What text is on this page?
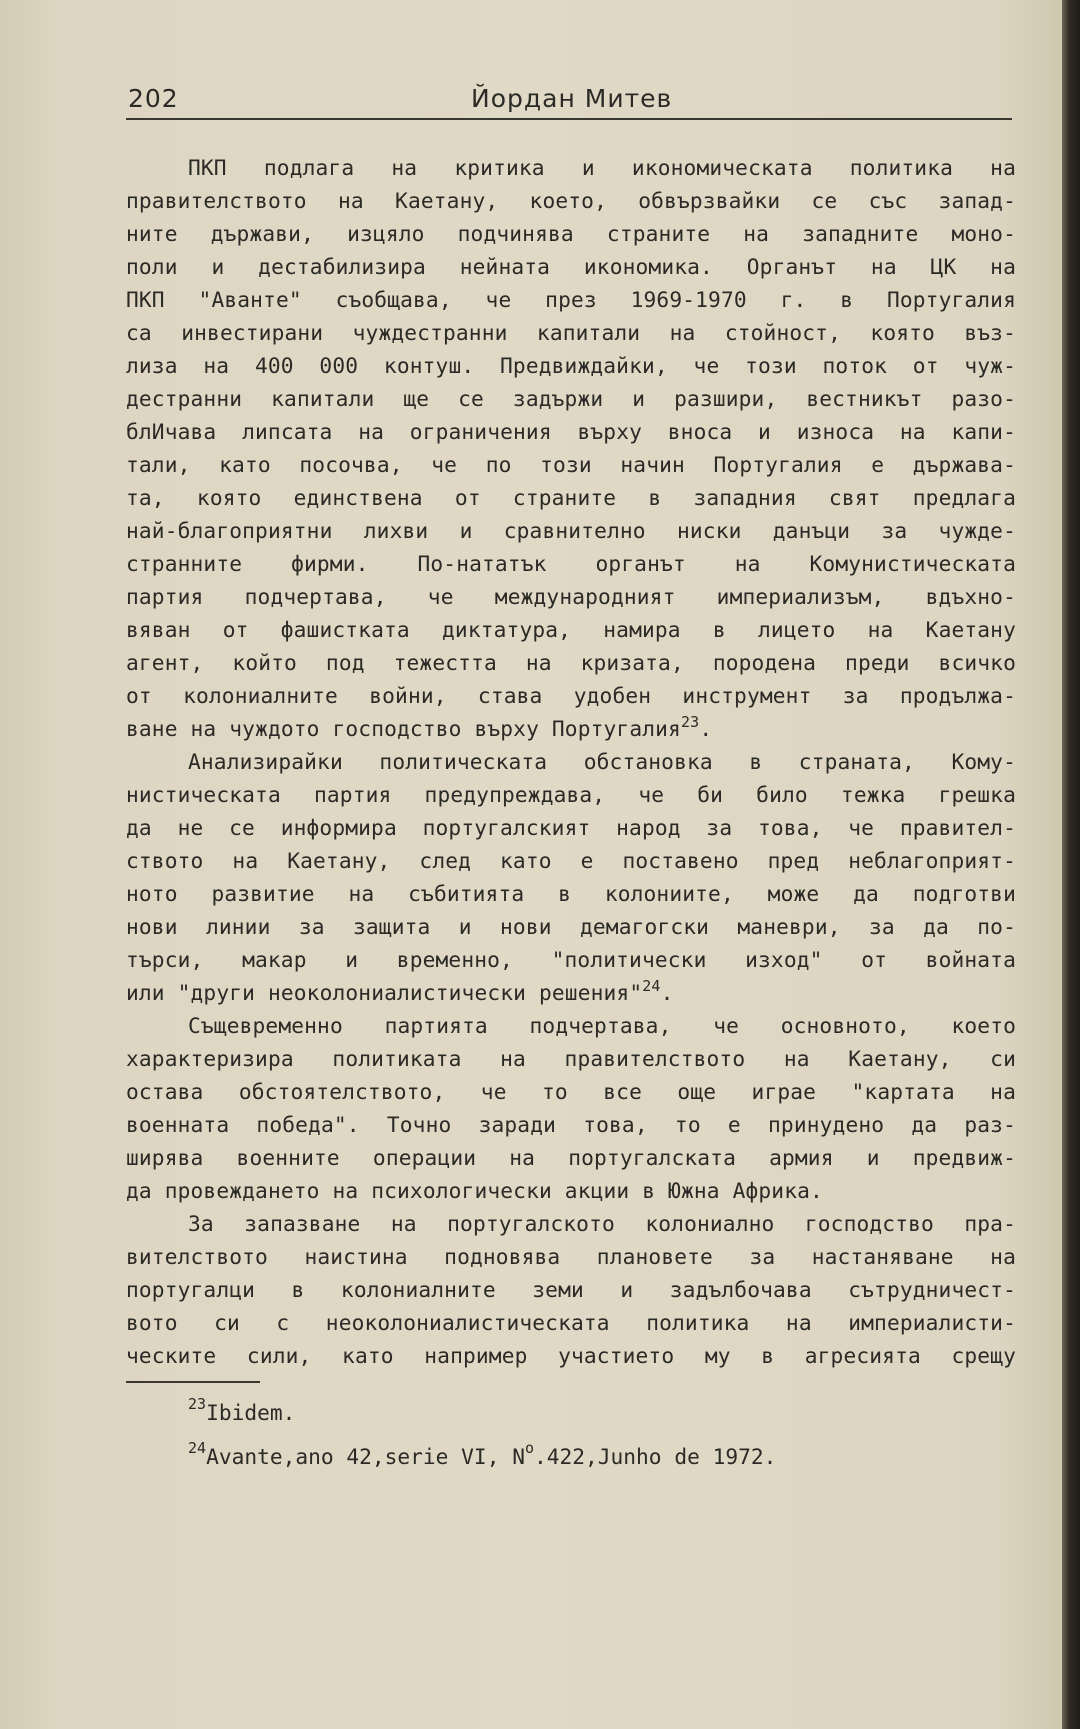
202	Йордан Митев
ПКП подлага на критика и икономическата политика на
правителството на Каетану, което, обвързвайки се със запад-
ните държави, изцяло подчинява страните на западните моно-
поли и дестабилизира нейната икономика. Органът на ЦК на
ПКП "Аванте" съобщава, че през 1969-1970 г. в Португалия
са инвестирани чуждестранни капитали на стойност, която въз-
лиза на 400 000 контуш. Предвиждайки, че този поток от чуж-
дестранни капитали ще се задържи и разшири, вестникът разо-
блИчава липсата на ограничения върху вноса и износа на капи-
тали, като посочва, че по този начин Португалия е държава-
та, която единствена от страните в западния свят предлага
най-благоприятни лихви и сравнително ниски данъци за чужде-
странните фирми. По-нататък органът на Комунистическата
партия подчертава, че международният империализъм, вдъхно-
вяван от фашистката диктатура, намира в лицето на Каетану
агент, който под тежестта на кризата, породена преди всичко
от колониалните войни, става удобен инструмент за продължа-
ване на чуждото господство върху Португалия$^{23}$.
Анализирайки политическата обстановка в страната, Кому-
нистическата партия предупреждава, че би било тежка грешка
да не се информира португалският народ за това, че правител-
ството на Каетану, след като е поставено пред неблагоприят-
ното развитие на събитията в колониите, може да подготви
нови линии за защита и нови демагогски маневри, за да по-
търси, макар и временно, "политически изход" от войната
или "други неоколониалистически решения"$^{24}$.
Същевременно партията подчертава, че основното, което
характеризира политиката на правителството на Каетану, си
остава обстоятелството, че то все още играе "картата на
военната победа". Точно заради това, то е принудено да раз-
ширява военните операции на португалската армия и предвиж-
да провеждането на психологически акции в Южна Африка.
За запазване на португалското колониално господство пра-
вителството наистина подновява плановете за настаняване на
португалци в колониалните земи и задълбочава сътрудничест-
вото си с неоколониалистическата политика на империалисти-
ческите сили, като например участието му в агресията срещу
$^{23}$Ibidem.
$^{24}$Avante,ano 42,serie VI, $N^o.422,Junho$ de 1972.
